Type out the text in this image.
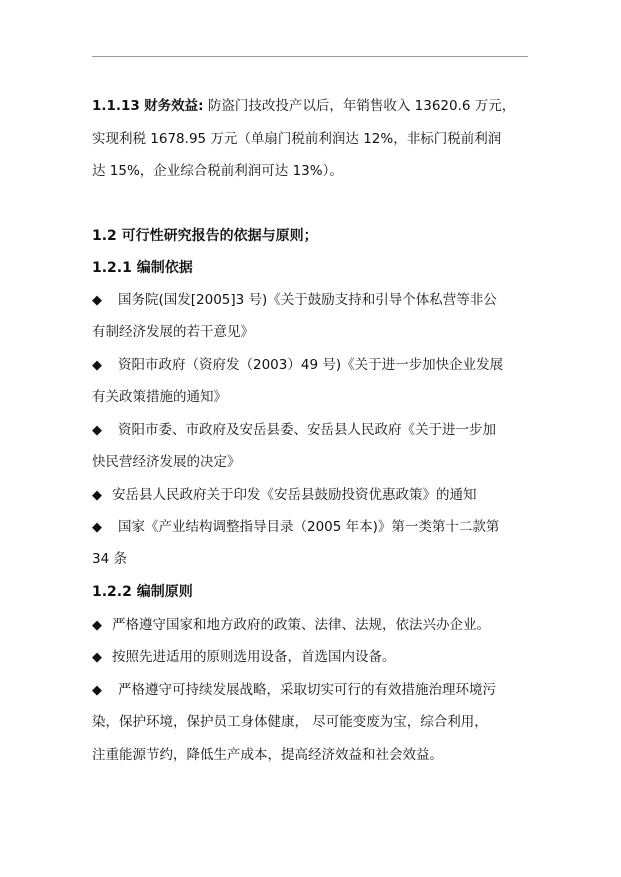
1.1.13 财务效益: 防盗门技改投产以后，年销售收入 13620.6 万元，
实现利税 1678.95 万元（单扇门税前利润达 12%，非标门税前利润
达 15%，企业综合税前利润可达 13%）。
1.2 可行性研究报告的依据与原则；
1.2.1 编制依据
◆ 国务院(国发[2005]3 号)《关于鼓励支持和引导个体私营等非公
有制经济发展的若干意见》
◆ 资阳市政府（资府发（2003）49 号)《关于进一步加快企业发展
有关政策措施的通知》
◆ 资阳市委、市政府及安岳县委、安岳县人民政府《关于进一步加
快民营经济发展的决定》
◆ 安岳县人民政府关于印发《安岳县鼓励投资优惠政策》的通知
◆ 国家《产业结构调整指导目录（2005 年本)》第一类第十二款第
34 条
1.2.2 编制原则
◆ 严格遵守国家和地方政府的政策、法律、法规，依法兴办企业。
◆ 按照先进适用的原则选用设备，首选国内设备。
◆ 严格遵守可持续发展战略，采取切实可行的有效措施治理环境污
染，保护环境，保护员工身体健康， 尽可能变废为宝，综合利用，
注重能源节约，降低生产成本，提高经济效益和社会效益。
